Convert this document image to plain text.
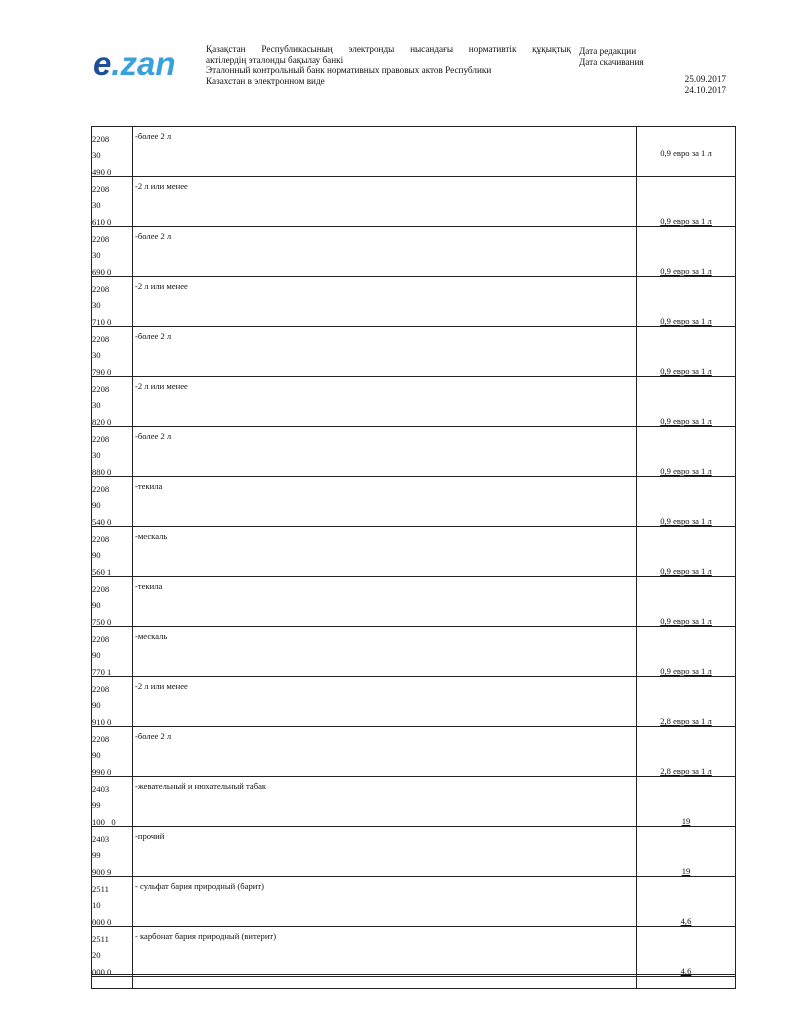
e.zan	Қазақстан Республикасының электронды нысандағы нормативтік құқықтық
актілердің эталонды бақылау банкі
Эталонный контрольный банк нормативных правовых актов Республики
Казахстан в электронном виде
Дата редакции
Дата скачивания
25.09.2017
24.10.2017
2208
30
490 0
-более 2 л
0,9 евро за 1 л
2208
30
610 0
-2 л или менее
0,9 евро за 1 л
2208
30
690 0
-более 2 л
0,9 евро за 1 л
2208
30
710 0
-2 л или менее
0,9 евро за 1 л
2208
30
790 0
-более 2 л
0,9 евро за 1 л
2208
30
820 0
-2 л или менее
0,9 евро за 1 л
2208
30
880 0
-более 2 л
0,9 евро за 1 л
2208
90
540 0
-текила
0,9 евро за 1 л
2208
90
560 1
-мескаль
0,9 евро за 1 л
2208
90
750 0
-текила
0,9 евро за 1 л
2208
90
770 1
-мескаль
0,9 евро за 1 л
2208
90
910 0
-2 л или менее
2,8 евро за 1 л
2208
90
990 0
-более 2 л
2,8 евро за 1 л
2403
99
100   0
-жевательный и нюхательный табак
19
2403
99
900 9
-прочий
19
2511
10
000 0
- сульфат бария природный (барит)
4,6
2511
20
000 0
- карбонат бария природный (витерит)
4,6
